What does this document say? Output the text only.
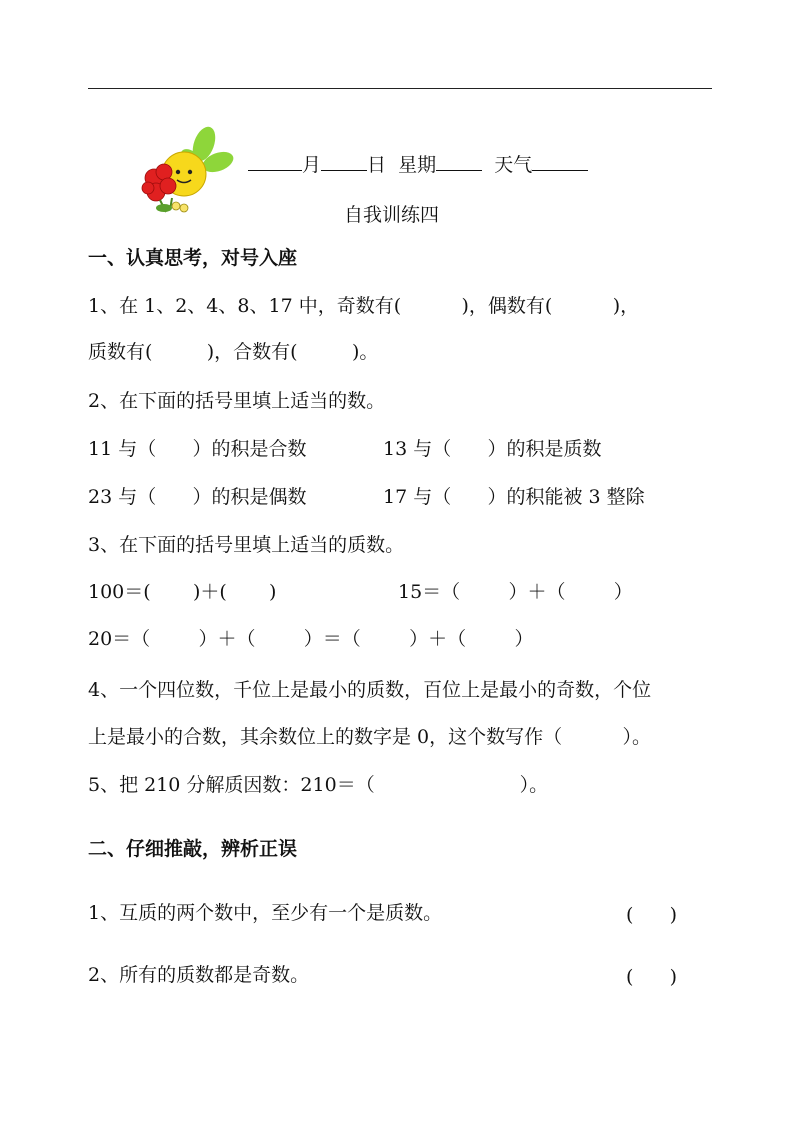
月 日 星期	天气
自我训练四
一、认真思考，对号入座
1、在 1、2、4、8、17 中，奇数有(          )，偶数有(          )，
质数有(         )，合数有(         )。
2、在下面的括号里填上适当的数。
11 与（      ）的积是合数	13 与（      ）的积是质数
23 与（      ）的积是偶数	17 与（      ）的积能被 3 整除
3、在下面的括号里填上适当的质数。
100＝(       )＋(       )	15＝（        ）＋（        ）
20＝（        ）＋（        ）＝（        ）＋（        ）
4、一个四位数，千位上是最小的质数，百位上是最小的奇数，个位
上是最小的合数，其余数位上的数字是 0，这个数写作（          ）。
5、把 210 分解质因数：210＝（                        ）。
二、仔细推敲，辨析正误
1、互质的两个数中，至少有一个是质数。	(      )
2、所有的质数都是奇数。	(      )
